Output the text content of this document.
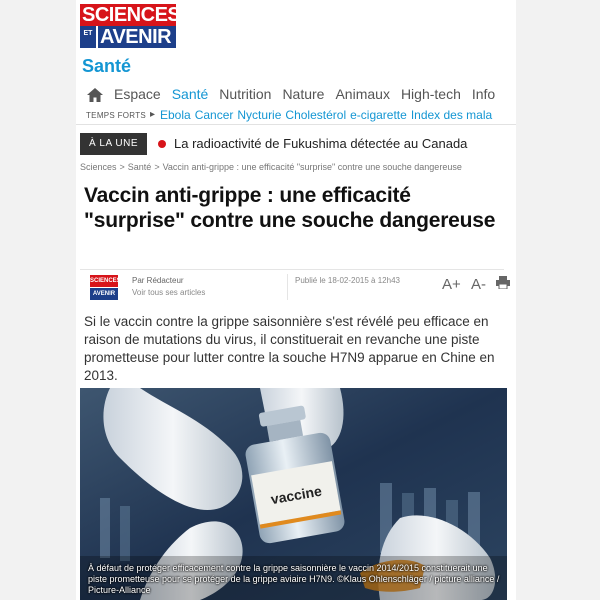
SCIENCES
ET AVENIR
Santé
Espace Santé Nutrition Nature Animaux High-tech Info
TEMPS FORTS ▸ Ebola Cancer Nycturie Cholestérol e-cigarette Index des mala
À LA UNE	La radioactivité de Fukushima détectée au Canada
Sciences > Santé > Vaccin anti-grippe : une efficacité "surprise" contre une souche dangereuse
Vaccin anti-grippe : une efficacité "surprise" contre une souche dangereuse
SCIENCES
AVENIR
Par Rédacteur
Voir tous ses articles
Publié le 18-02-2015 à 12h43	A+ A-

Si le vaccin contre la grippe saisonnière s'est révélé peu efficace en raison de mutations du virus, il constituerait en revanche une piste prometteuse pour lutter contre la souche H7N9 apparue en Chine en 2013.

vaccine
À défaut de protéger efficacement contre la grippe saisonnière le vaccin 2014/2015 constituerait une piste prometteuse pour se protéger de la grippe aviaire H7N9. ©Klaus Ohlenschläger / picture alliance / Picture-Alliance
